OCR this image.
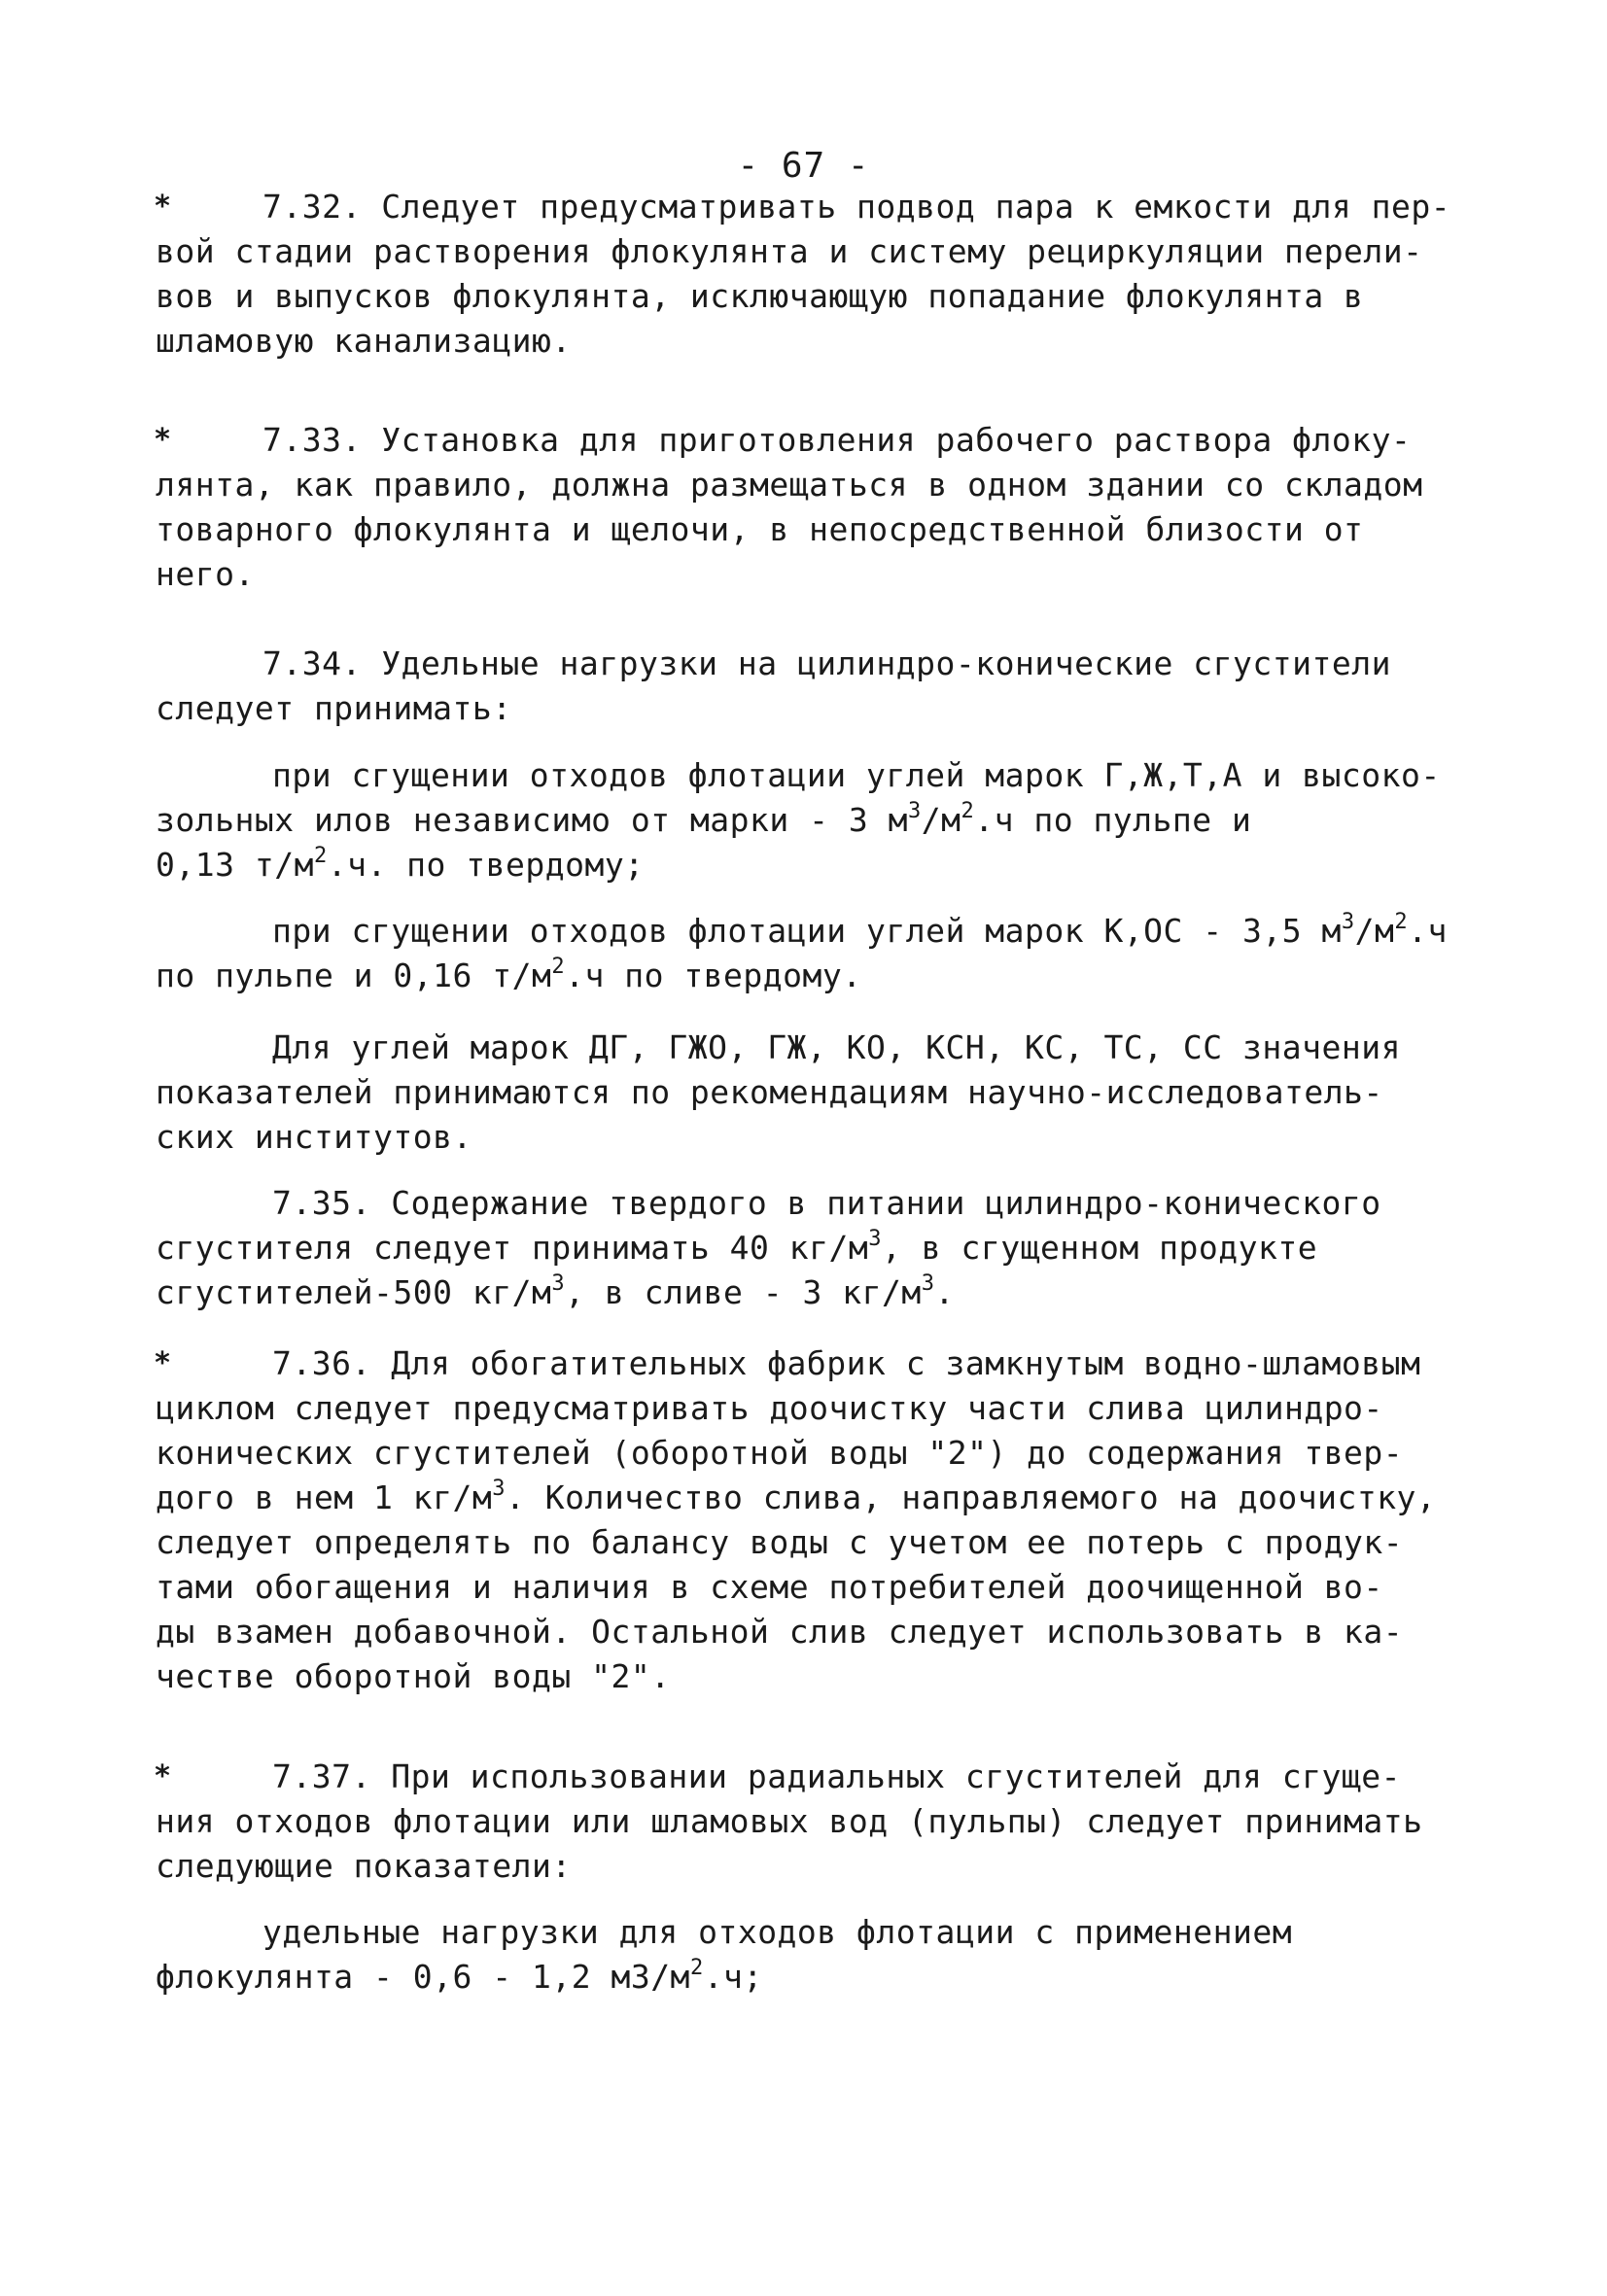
- 67 -
*	7.32. Следует предусматривать подвод пара к емкости для пер-
вой стадии растворения флокулянта и систему рециркуляции перели-
вов и выпусков флокулянта, исключающую попадание флокулянта в
шламовую канализацию.
*	7.33. Установка для приготовления рабочего раствора флоку-
лянта, как правило, должна размещаться в одном здании со складом
товарного флокулянта и щелочи, в непосредственной близости от
него.
7.34. Удельные нагрузки на цилиндро-конические сгустители
следует принимать:
при сгущении отходов флотации углей марок Г,Ж,Т,А и высоко-
зольных илов независимо от марки - 3 $м^3/м^2.ч$ по пульпе и
0,13 $т/м^2.ч$. по твердому;
при сгущении отходов флотации углей марок К,ОС - 3,5 $м^3/м^2.ч$
по пульпе и 0,16 $т/м^2.ч$ по твердому.
Для углей марок ДГ, ГЖО, ГЖ, КО, КСН, КС, ТС, СС значения
показателей принимаются по рекомендациям научно-исследователь-
ских институтов.
7.35. Содержание твердого в питании цилиндро-конического
сгустителя следует принимать 40 $кг/м^3$, в сгущенном продукте
сгустителей-500 $кг/м^3$, в сливе - 3 $кг/м^3$.
*	7.36. Для обогатительных фабрик с замкнутым водно-шламовым
циклом следует предусматривать доочистку части слива цилиндро-
конических сгустителей (оборотной воды "2") до содержания твер-
дого в нем 1 $кг/м^3$. Количество слива, направляемого на доочистку,
следует определять по балансу воды с учетом ее потерь с продук-
тами обогащения и наличия в схеме потребителей доочищенной во-
ды взамен добавочной. Остальной слив следует использовать в ка-
честве оборотной воды "2".
*	7.37. При использовании радиальных сгустителей для сгуще-
ния отходов флотации или шламовых вод (пульпы) следует принимать
следующие показатели:
удельные нагрузки для отходов флотации с применением
флокулянта - 0,6 - 1,2 $м3/м^2.ч$;
